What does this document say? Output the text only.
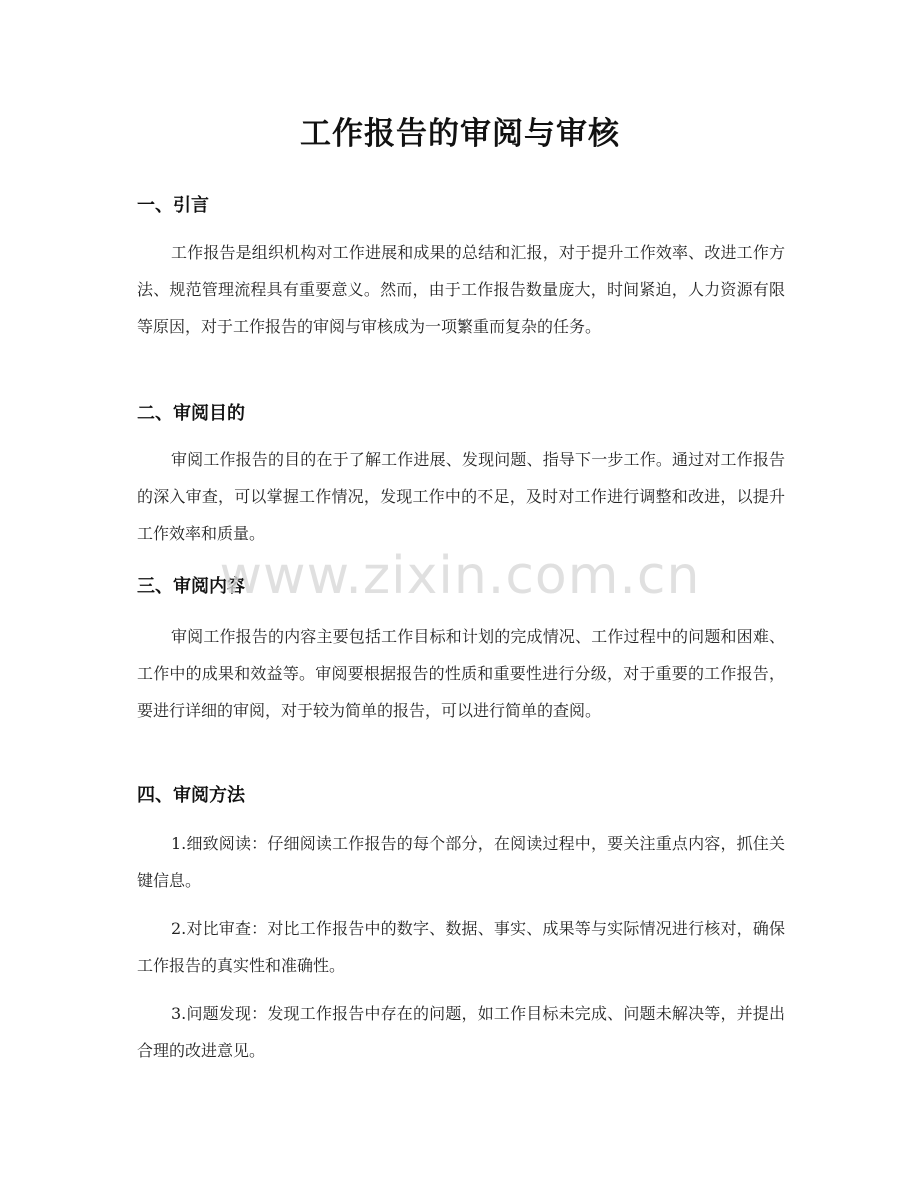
工作报告的审阅与审核
一、引言

工作报告是组织机构对工作进展和成果的总结和汇报，对于提升工作效率、改进工作方法、规范管理流程具有重要意义。然而，由于工作报告数量庞大，时间紧迫，人力资源有限等原因，对于工作报告的审阅与审核成为一项繁重而复杂的任务。

二、审阅目的

审阅工作报告的目的在于了解工作进展、发现问题、指导下一步工作。通过对工作报告的深入审查，可以掌握工作情况，发现工作中的不足，及时对工作进行调整和改进，以提升工作效率和质量。

三、审阅内容

审阅工作报告的内容主要包括工作目标和计划的完成情况、工作过程中的问题和困难、工作中的成果和效益等。审阅要根据报告的性质和重要性进行分级，对于重要的工作报告，要进行详细的审阅，对于较为简单的报告，可以进行简单的查阅。

四、审阅方法

1.细致阅读：仔细阅读工作报告的每个部分，在阅读过程中，要关注重点内容，抓住关键信息。

2.对比审查：对比工作报告中的数字、数据、事实、成果等与实际情况进行核对，确保工作报告的真实性和准确性。

3.问题发现：发现工作报告中存在的问题，如工作目标未完成、问题未解决等，并提出合理的改进意见。

www.zixin.com.cn
